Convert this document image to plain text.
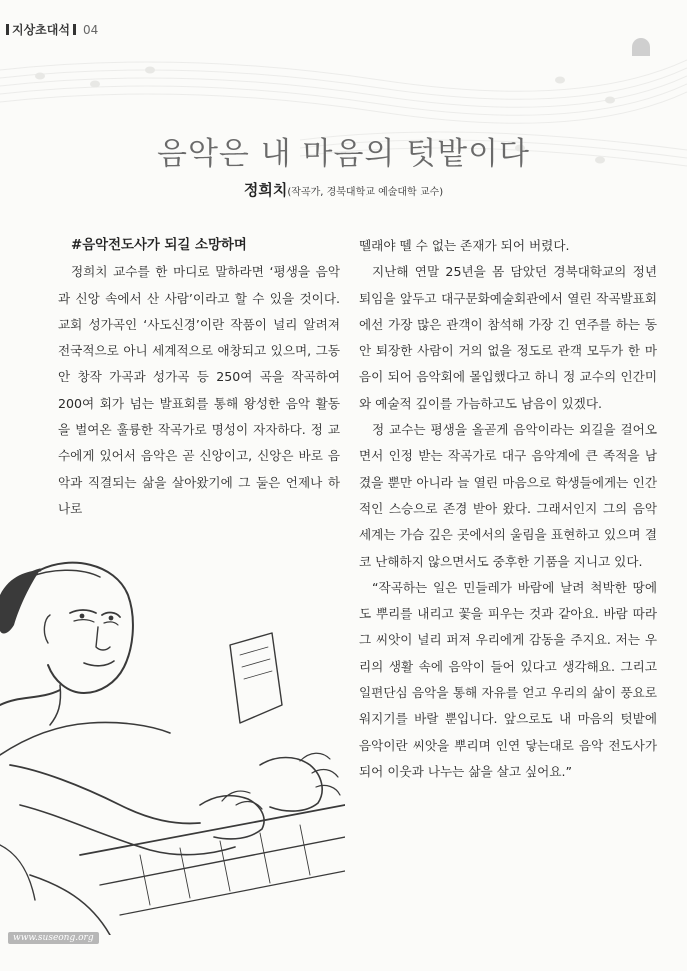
지상초대석 04
음악은 내 마음의 텃밭이다
정희치(작곡가, 경북대학교 예술대학 교수)

#음악전도사가 되길 소망하며

정희치 교수를 한 마디로 말하라면 ‘평생을 음악과 신앙 속에서 산 사람’이라고 할 수 있을 것이다. 교회 성가곡인 ‘사도신경’이란 작품이 널리 알려져 전국적으로 아니 세계적으로 애창되고 있으며, 그동안 창작 가곡과 성가곡 등 250여 곡을 작곡하여 200여 회가 넘는 발표회를 통해 왕성한 음악 활동을 벌여온 훌륭한 작곡가로 명성이 자자하다. 정 교수에게 있어서 음악은 곧 신앙이고, 신앙은 바로 음악과 직결되는 삶을 살아왔기에 그 둘은 언제나 하나로

뗄래야 뗄 수 없는 존재가 되어 버렸다.

지난해 연말 25년을 몸 담았던 경북대학교의 정년 퇴임을 앞두고 대구문화예술회관에서 열린 작곡발표회에선 가장 많은 관객이 참석해 가장 긴 연주를 하는 동안 퇴장한 사람이 거의 없을 정도로 관객 모두가 한 마음이 되어 음악회에 몰입했다고 하니 정 교수의 인간미와 예술적 깊이를 가늠하고도 남음이 있겠다.

정 교수는 평생을 올곧게 음악이라는 외길을 걸어오면서 인정 받는 작곡가로 대구 음악계에 큰 족적을 남겼을 뿐만 아니라 늘 열린 마음으로 학생들에게는 인간적인 스승으로 존경 받아 왔다. 그래서인지 그의 음악 세계는 가슴 깊은 곳에서의 울림을 표현하고 있으며 결코 난해하지 않으면서도 중후한 기품을 지니고 있다.

“작곡하는 일은 민들레가 바람에 날려 척박한 땅에도 뿌리를 내리고 꽃을 피우는 것과 같아요. 바람 따라 그 씨앗이 널리 퍼져 우리에게 감동을 주지요. 저는 우리의 생활 속에 음악이 들어 있다고 생각해요. 그리고 일편단심 음악을 통해 자유를 얻고 우리의 삶이 풍요로워지기를 바랄 뿐입니다. 앞으로도 내 마음의 텃밭에 음악이란 씨앗을 뿌리며 인연 닿는대로 음악 전도사가 되어 이웃과 나누는 삶을 살고 싶어요.”

www.suseong.org
